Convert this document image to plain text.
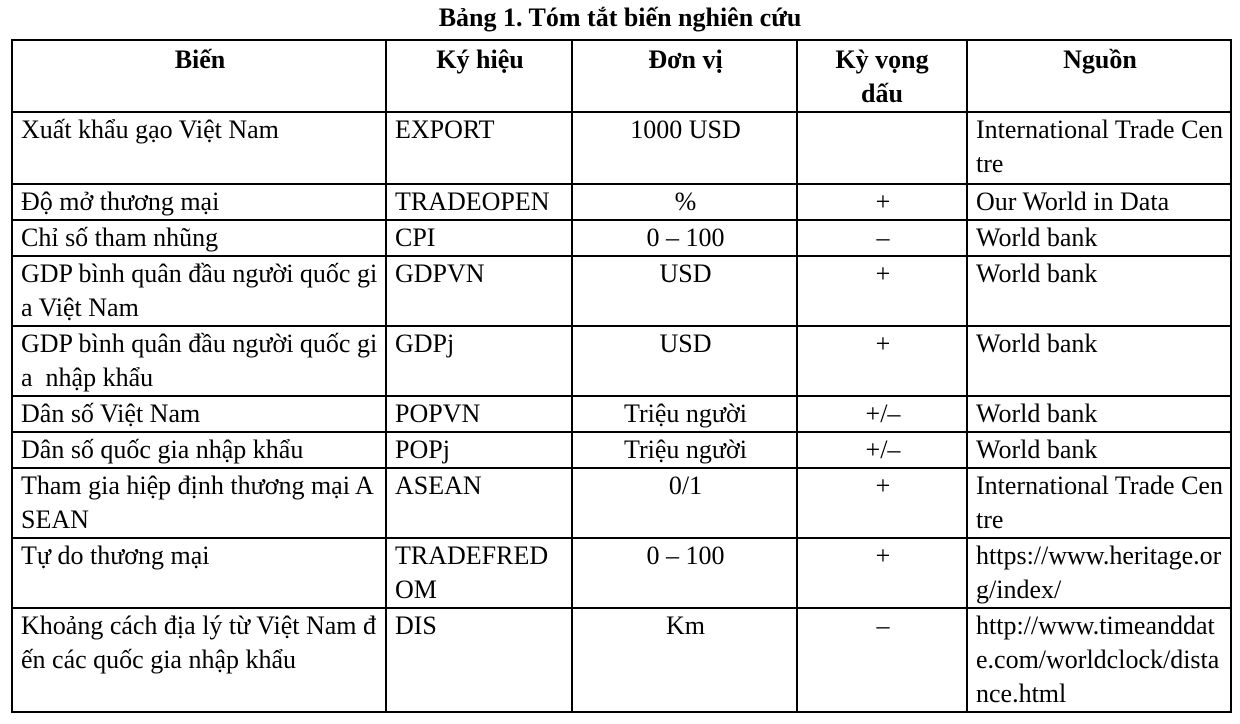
Bảng 1. Tóm tắt biến nghiên cứu
Biến	Ký hiệu	Đơn vị	Kỳ vọng dấu	Nguồn
Xuất khẩu gạo Việt Nam	EXPORT	1000 USD		International Trade Centre
Độ mở thương mại	TRADEOPEN	%	+	Our World in Data
Chỉ số tham nhũng	CPI	0 – 100	–	World bank
GDP bình quân đầu người quốc gia Việt Nam	GDPVN	USD	+	World bank
GDP bình quân đầu người quốc gia  nhập khẩu	GDPj	USD	+	World bank
Dân số Việt Nam	POPVN	Triệu người	+/–	World bank
Dân số quốc gia nhập khẩu	POPj	Triệu người	+/–	World bank
Tham gia hiệp định thương mại ASEAN	ASEAN	0/1	+	International Trade Centre
Tự do thương mại	TRADEFREDOM	0 – 100	+	https://www.heritage.org/index/
Khoảng cách địa lý từ Việt Nam đến các quốc gia nhập khẩu	DIS	Km	–	http://www.timeanddate.com/worldclock/distance.html
